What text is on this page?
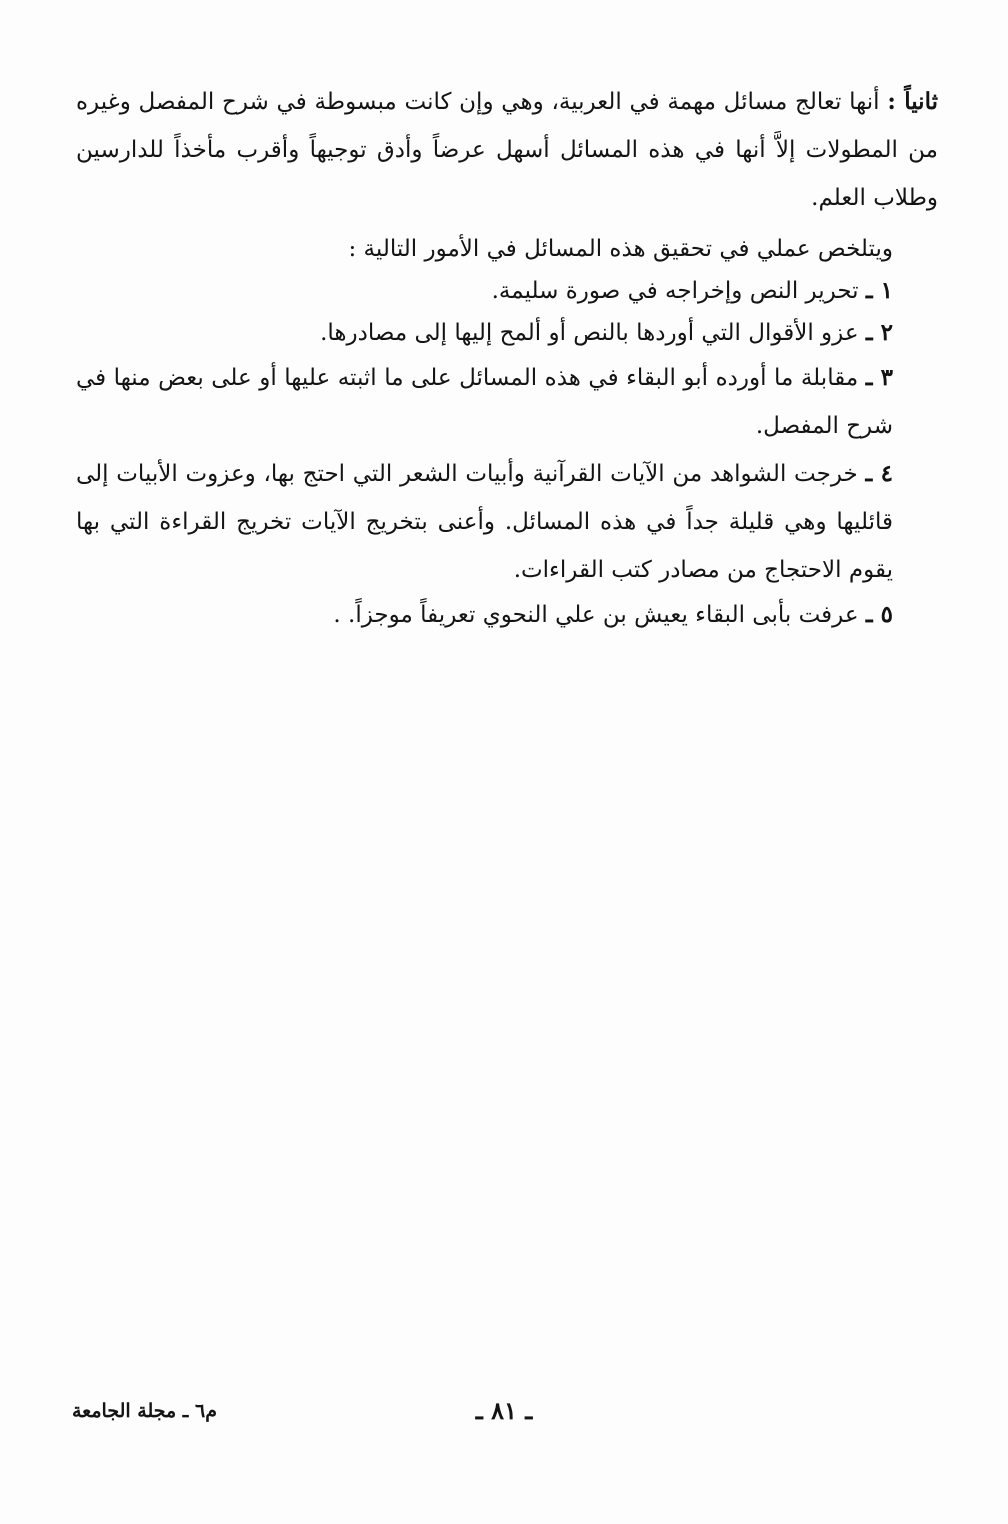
ثانياً : أنها تعالج مسائل مهمة في العربية، وهي وإن كانت مبسوطة في شرح المفصل وغيره من المطولات إلاَّ أنها في هذه المسائل أسهل عرضاً وأدق توجيهاً وأقرب مأخذاً للدارسين وطلاب العلم.

ويتلخص عملي في تحقيق هذه المسائل في الأمور التالية :

١ ـ تحرير النص وإخراجه في صورة سليمة.

٢ ـ عزو الأقوال التي أوردها بالنص أو ألمح إليها إلى مصادرها.

٣ ـ مقابلة ما أورده أبو البقاء في هذه المسائل على ما اثبته عليها أو على بعض منها في شرح المفصل.

٤ ـ خرجت الشواهد من الآيات القرآنية وأبيات الشعر التي احتج بها، وعزوت الأبيات إلى قائليها وهي قليلة جداً في هذه المسائل. وأعنى بتخريج الآيات تخريج القراءة التي بها يقوم الاحتجاج من مصادر كتب القراءات.

٥ ـ عرفت بأبى البقاء يعيش بن علي النحوي تعريفاً موجزاً. .

ـ ٨١ ـ
م٦ ـ مجلة الجامعة
